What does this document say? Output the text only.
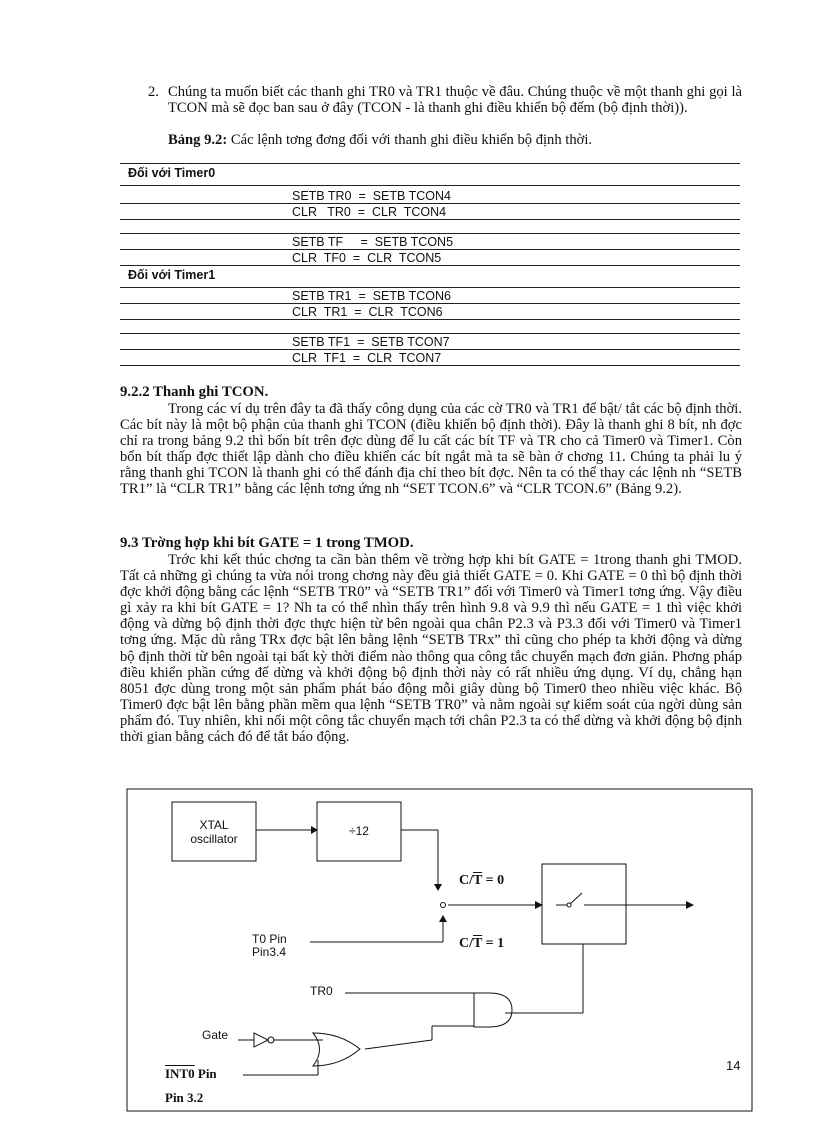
2. Chúng ta muốn biết các thanh ghi TR0 và TR1 thuộc về đâu. Chúng thuộc về một thanh ghi gọi là TCON mà sẽ đọc ban sau ở đây (TCON - là thanh ghi điều khiển bộ đếm (bộ định thời)).
Bảng 9.2: Các lệnh tơng đơng đối với thanh ghi điều khiển bộ định thời.
Đối với Timer0
SETB TR0  =  SETB TCON4
CLR   TR0  =  CLR  TCON4
SETB TF     =  SETB TCON5
CLR  TF0  =  CLR  TCON5
Đối với Timer1
SETB TR1  =  SETB TCON6
CLR  TR1  =  CLR  TCON6
SETB TF1  =  SETB TCON7
CLR  TF1  =  CLR  TCON7
9.2.2 Thanh ghi TCON.
Trong các ví dụ trên đây ta đã thấy công dụng của các cờ TR0 và TR1 để bật/ tắt các bộ định thời. Các bít này là một bộ phận của thanh ghi TCON (điều khiển bộ định thời). Đây là thanh ghi 8 bít, nh đợc chỉ ra trong bảng 9.2 thì bốn bít trên đợc dùng để lu cất các bít TF và TR cho cả Timer0 và Timer1. Còn bốn bít thấp đợc thiết lập dành cho điều khiển các bít ngắt mà ta sẽ bàn ở chơng 11. Chúng ta phải lu ý rằng thanh ghi TCON là thanh ghi có thể đánh địa chỉ theo bít đợc. Nên ta có thể thay các lệnh nh “SETB TR1” là “CLR TR1” bằng các lệnh tơng ứng nh “SET TCON.6” và “CLR TCON.6” (Bảng 9.2).
9.3 Trờng hợp khi bít GATE = 1 trong TMOD.
Trớc khi kết thúc chơng ta cần bàn thêm về trờng hợp khi bít GATE = 1trong thanh ghi TMOD. Tất cả những gì chúng ta vừa nói trong chơng này đều giả thiết GATE = 0. Khi GATE = 0 thì bộ định thời đợc khởi động bằng các lệnh “SETB TR0” và “SETB TR1” đối với Timer0 và Timer1 tơng ứng. Vậy điều gì xảy ra khi bít GATE = 1? Nh ta có thể nhìn thấy trên hình 9.8 và 9.9 thì nếu GATE = 1 thì việc khởi động và dừng bộ định thời đợc thực hiện từ bên ngoài qua chân P2.3 và P3.3 đối với Timer0 và Timer1 tơng ứng. Mặc dù rằng TRx đợc bật lên bằng lệnh “SETB TRx” thì cũng cho phép ta khởi động và dừng bộ định thời từ bên ngoài tại bất kỳ thời điểm nào thông qua công tắc chuyển mạch đơn giản. Phơng pháp điều khiển phần cứng để dừng và khởi động bộ định thời này có rất nhiều ứng dụng. Ví dụ, chẳng hạn 8051 đợc dùng trong một sản phẩm phát báo động mỗi giây dùng bộ Timer0 theo nhiều việc khác. Bộ Timer0 đợc bật lên bằng phần mềm qua lệnh “SETB TR0” và nằm ngoài sự kiểm soát của ngời dùng sản phẩm đó. Tuy nhiên, khi nối một công tắc chuyển mạch tới chân P2.3 ta có thể dừng và khởi động bộ định thời gian bằng cách đó để tắt báo động.
XTAL
oscillator
÷12
$C/\overline{T} = 0$
$C/\overline{T} = 1$
T0 Pin
Pin3.4
TR0
Gate
INT0 Pin
Pin 3.2
14
